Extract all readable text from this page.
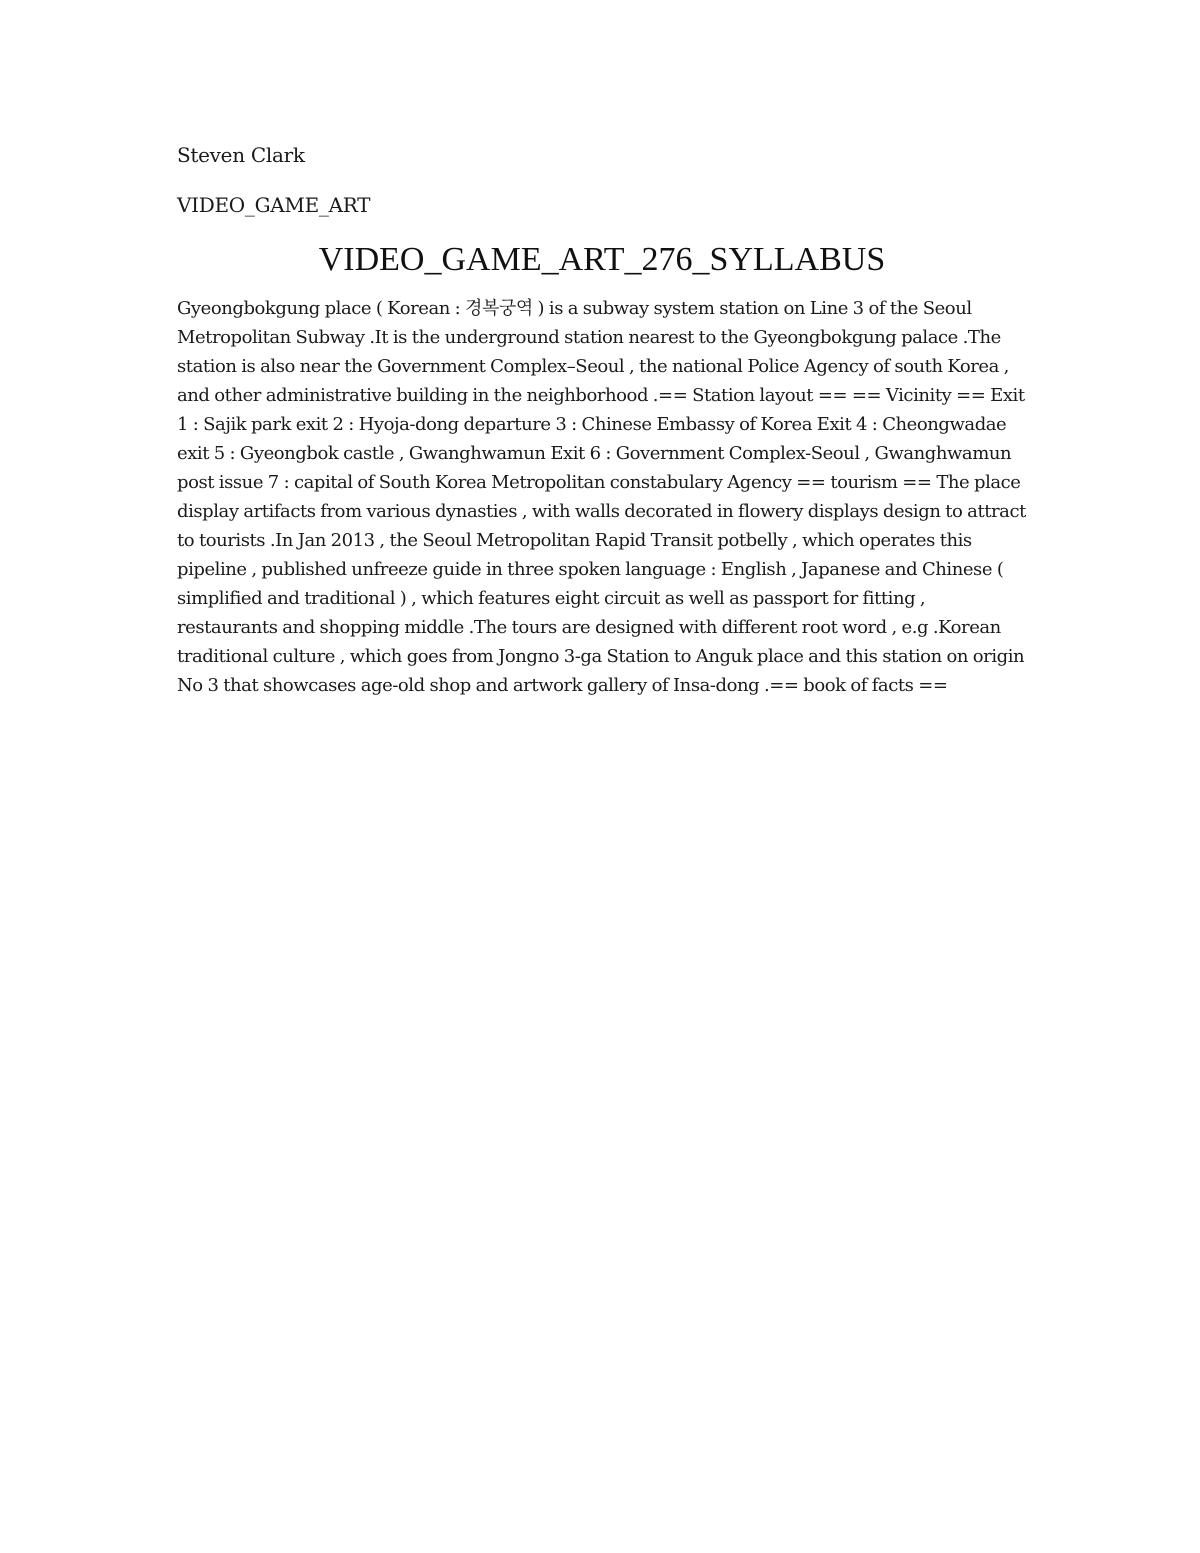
Steven Clark

VIDEO_GAME_ART

VIDEO_GAME_ART_276_SYLLABUS

Gyeongbokgung place ( Korean : 경복궁역 ) is a subway system station on Line 3 of the Seoul Metropolitan Subway .It is the underground station nearest to the Gyeongbokgung palace .The station is also near the Government Complex–Seoul , the national Police Agency of south Korea , and other administrative building in the neighborhood .== Station layout == == Vicinity == Exit 1 : Sajik park exit 2 : Hyoja-dong departure 3 : Chinese Embassy of Korea Exit 4 : Cheongwadae exit 5 : Gyeongbok castle , Gwanghwamun Exit 6 : Government Complex-Seoul , Gwanghwamun post issue 7 : capital of South Korea Metropolitan constabulary Agency == tourism == The place display artifacts from various dynasties , with walls decorated in flowery displays design to attract to tourists .In Jan 2013 , the Seoul Metropolitan Rapid Transit potbelly , which operates this pipeline , published unfreeze guide in three spoken language : English , Japanese and Chinese ( simplified and traditional ) , which features eight circuit as well as passport for fitting , restaurants and shopping middle .The tours are designed with different root word , e.g .Korean traditional culture , which goes from Jongno 3-ga Station to Anguk place and this station on origin No 3 that showcases age-old shop and artwork gallery of Insa-dong .== book of facts ==
